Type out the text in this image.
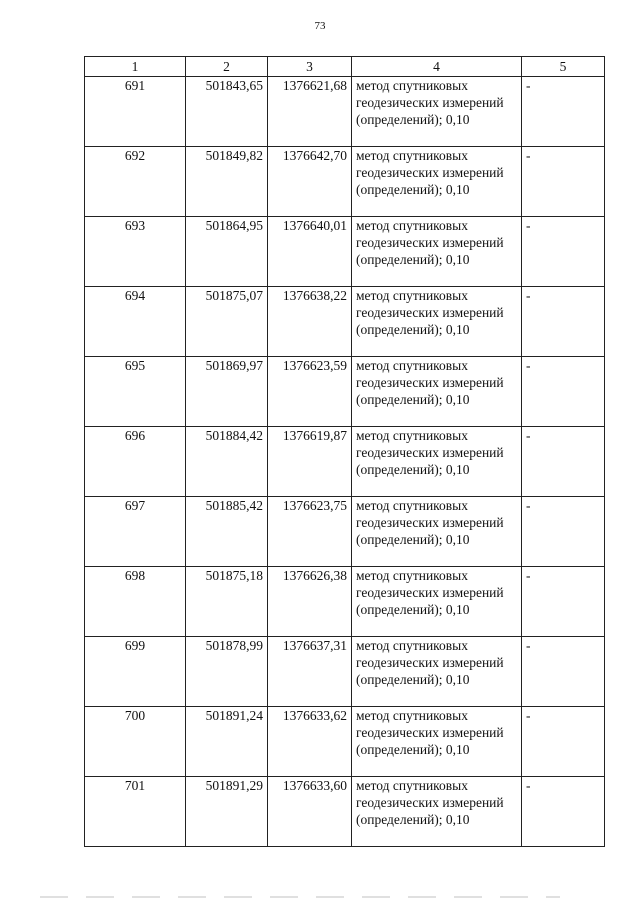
73
1	2	3	4	5
691	501843,65	1376621,68	метод спутниковых геодезических измерений (определений); 0,10	-
692	501849,82	1376642,70	метод спутниковых геодезических измерений (определений); 0,10	-
693	501864,95	1376640,01	метод спутниковых геодезических измерений (определений); 0,10	-
694	501875,07	1376638,22	метод спутниковых геодезических измерений (определений); 0,10	-
695	501869,97	1376623,59	метод спутниковых геодезических измерений (определений); 0,10	-
696	501884,42	1376619,87	метод спутниковых геодезических измерений (определений); 0,10	-
697	501885,42	1376623,75	метод спутниковых геодезических измерений (определений); 0,10	-
698	501875,18	1376626,38	метод спутниковых геодезических измерений (определений); 0,10	-
699	501878,99	1376637,31	метод спутниковых геодезических измерений (определений); 0,10	-
700	501891,24	1376633,62	метод спутниковых геодезических измерений (определений); 0,10	-
701	501891,29	1376633,60	метод спутниковых геодезических измерений (определений); 0,10	-
